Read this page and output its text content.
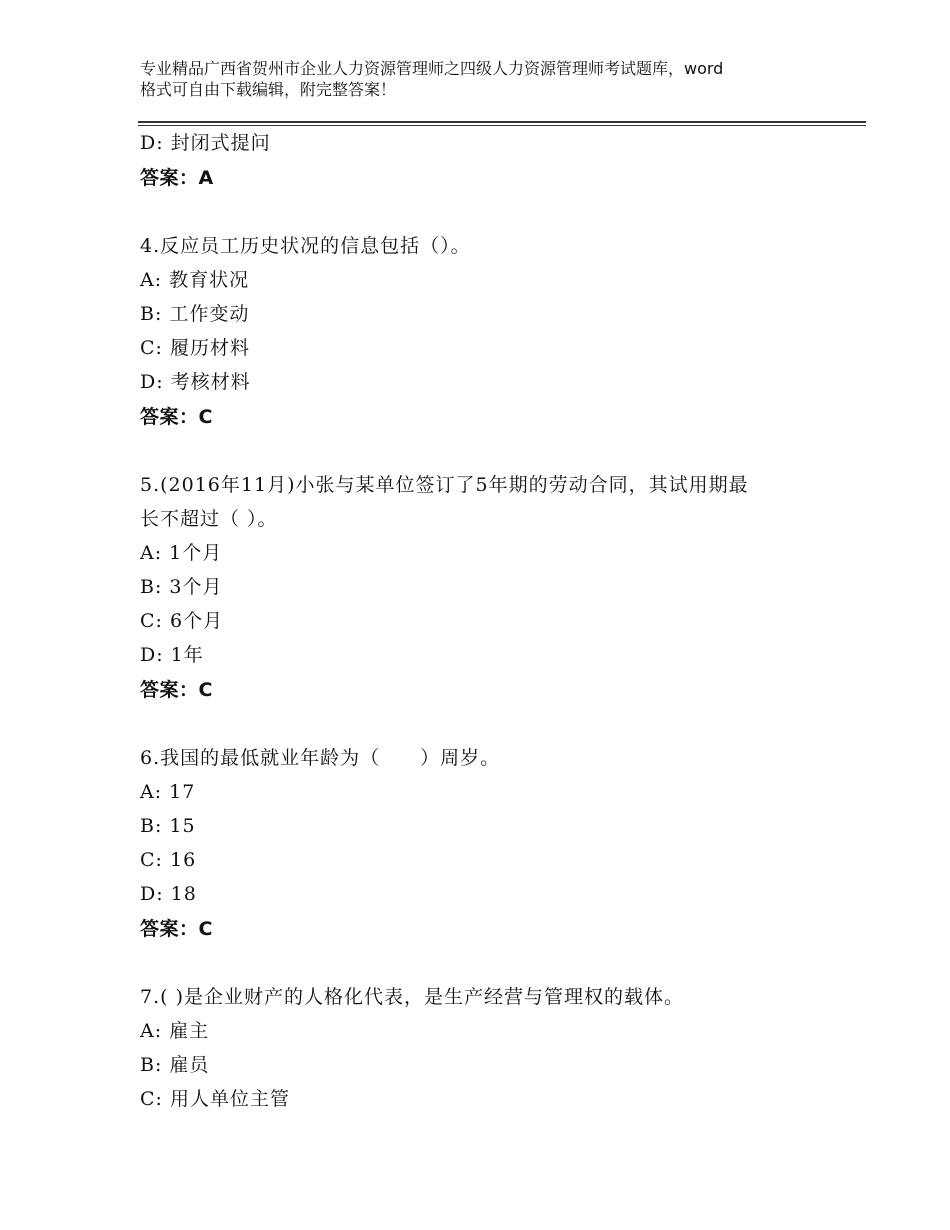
专业精品广西省贺州市企业人力资源管理师之四级人力资源管理师考试题库，word
格式可自由下载编辑，附完整答案！
D: 封闭式提问
答案：A
4.反应员工历史状况的信息包括（）。
A: 教育状况
B: 工作变动
C: 履历材料
D: 考核材料
答案：C
5.(2016年11月)小张与某单位签订了5年期的劳动合同，其试用期最
长不超过（ ）。
A: 1个月
B: 3个月
C: 6个月
D: 1年
答案：C
6.我国的最低就业年龄为（　　）周岁。
A: 17
B: 15
C: 16
D: 18
答案：C
7.( )是企业财产的人格化代表，是生产经营与管理权的载体。
A: 雇主
B: 雇员
C: 用人单位主管
